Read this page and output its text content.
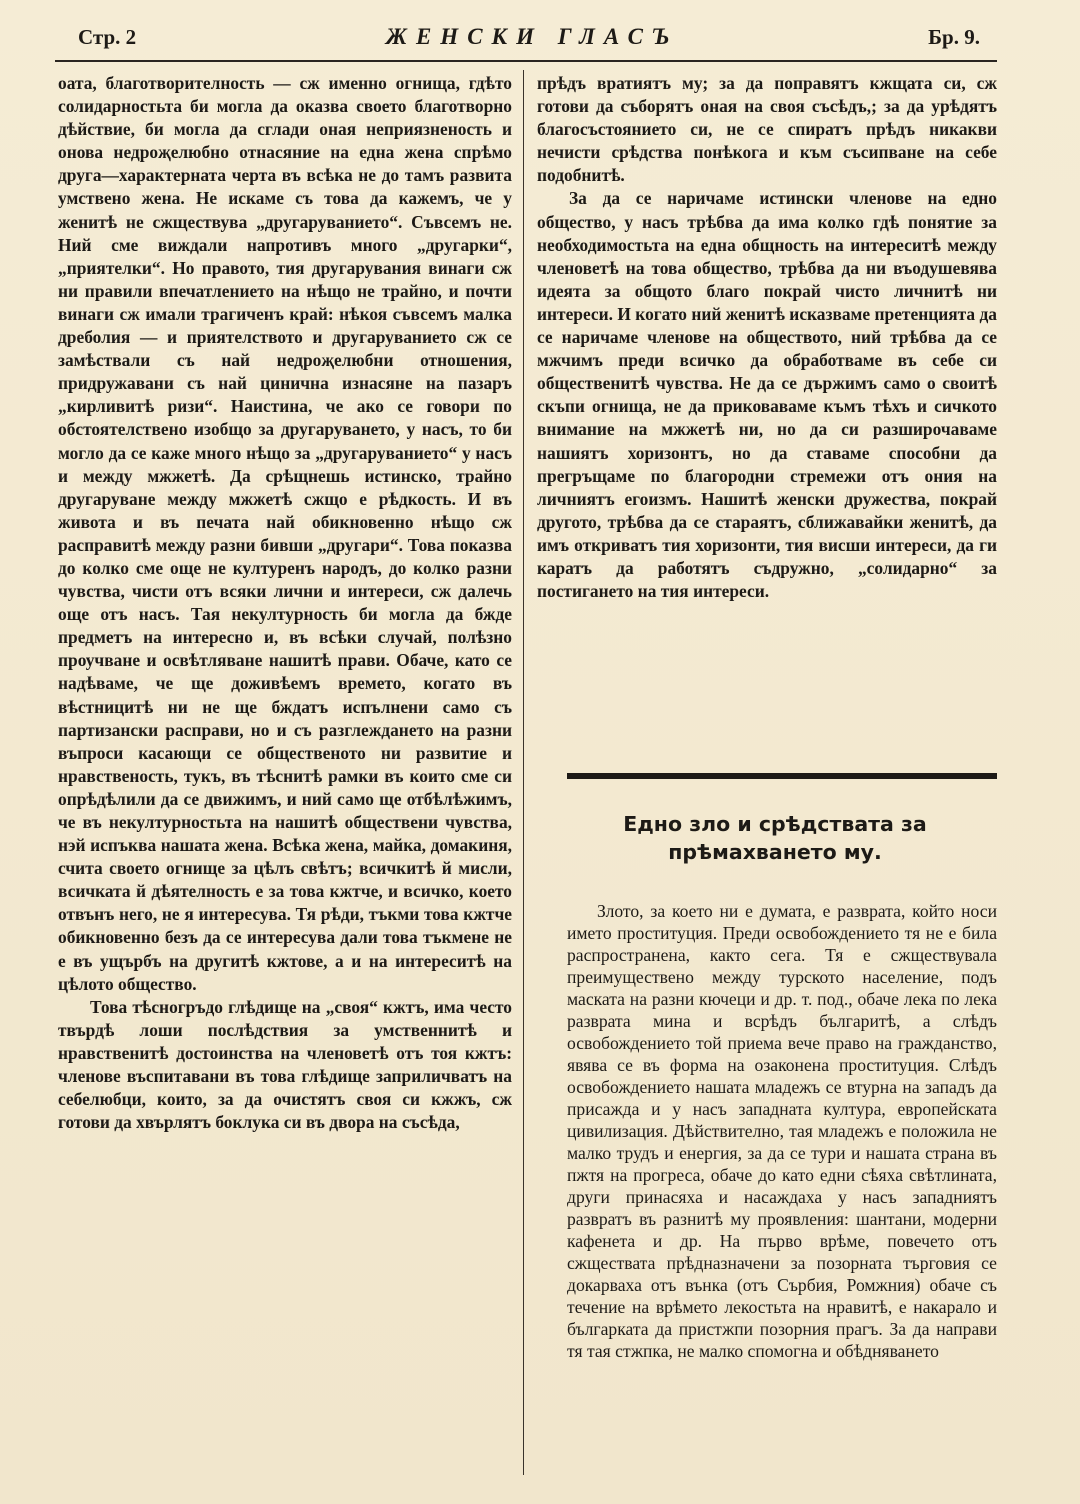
Стр. 2	ЖЕНСКИ ГЛАСЪ	Бр. 9.

оата, благотворителность — сж именно огнища, гдѣто солидарностьта би могла да оказва своето благотворно дѣйствие, би могла да сглади оная неприязненость и онова недроҗелюбно отнасяние на една жена спрѣмо друга—характерната черта въ всѣка не до тамъ развита умствено жена. Не искаме съ това да кажемъ, че у женитѣ не сжществува „другаруванието“. Съвсемъ не. Ний сме виждали напротивъ много „другарки“, „приятелки“. Но правото, тия другарувания винаги сж ни правили впечатлението на нѣщо не трайно, и почти винаги сж имали трагиченъ край: нѣкоя съвсемъ малка дреболия — и приятелството и другаруванието сж се замѣствали съ най недроҗелюбни отношения, придружавани съ най цинична изнасяне на пазаръ „кирливитѣ ризи“. Наистина, че ако се говори по обстоятелствено изобщо за другаруването, у насъ, то би могло да се каже много нѣщо за „другаруванието“ у насъ и между мжжетѣ. Да срѣщнешь истинско, трайно другаруване между мжжетѣ сжщо е рѣдкость. И въ живота и въ печата най обикновенно нѣщо сж расправитѣ между разни бивши „другари“. Това показва до колко сме още не културенъ народъ, до колко разни чувства, чисти отъ всяки лични и интереси, сж далечь още отъ насъ. Тая некултурность би могла да бжде предметъ на интересно и, въ всѣки случай, полѣзно проучване и освѣтляване нашитѣ прави. Обаче, като се надѣваме, че ще доживѣемъ времето, когато въ вѣстницитѣ ни не ще бждатъ испълнени само съ партизански расправи, но и съ разглеждането на разни въпроси касающи се общественото ни развитие и нравственость, тукъ, въ тѣснитѣ рамки въ които сме си опрѣдѣлили да се движимъ, и ний само ще отбѣлѣжимъ, че въ некултурностьта на нашитѣ обществени чувства, нэй испъква нашата жена. Всѣка жена, майка, домакиня, счита своето огнище за цѣлъ свѣтъ; всичкитѣ й мисли, всичката й дѣятелность е за това кжтче, и всичко, което отвънъ него, не я интересува. Тя рѣди, тъкми това кжтче обикновенно безъ да се интересува дали това тъкмене не е въ ущърбъ на другитѣ кжтове, а и на интереситѣ на цѣлото общество.

Това тѣсногръдо глѣдище на „своя“ кжтъ, има често твърдѣ лоши послѣдствия за умственнитѣ и нравственитѣ достоинства на членоветѣ отъ тоя кжтъ: членове въспитавани въ това глѣдище заприличватъ на себелюбци, които, за да очистятъ своя си кжжъ, сж готови да хвърлятъ боклука си въ двора на съсѣда,

прѣдъ вратиятъ му; за да поправятъ кжщата си, сж готови да съборятъ оная на своя съсѣдъ,; за да урѣдятъ благосъстоянието си, не се спиратъ прѣдъ никакви нечисти срѣдства понѣкога и към съсипване на себе подобнитѣ.

За да се наричаме истински членове на едно общество, у насъ трѣбва да има колко гдѣ понятие за необходимостьта на една общность на интереситѣ между членоветѣ на това общество, трѣбва да ни въодушевява идеята за общото благо покрай чисто личнитѣ ни интереси. И когато ний женитѣ исказваме претенцията да се наричаме членове на обществото, ний трѣбва да се мжчимъ преди всичко да обработваме въ себе си общественитѣ чувства. Не да се държимъ само о своитѣ скъпи огнища, не да приковаваме къмъ тѣхъ и сичкото внимание на мжжетѣ ни, но да си разширочаваме нашиятъ хоризонтъ, но да ставаме способни да прегръщаме по благородни стремежи отъ ония на личниятъ егоизмъ. Нашитѣ женски дружества, покрай другото, трѣбва да се стараятъ, сближавайки женитѣ, да имъ откриватъ тия хоризонти, тия висши интереси, да ги каратъ да работятъ съдружно, „солидарно“ за постигането на тия интереси.

Едно зло и срѣдствата за прѣмахването му.

Злото, за което ни е думата, е разврата, който носи името проституция. Преди освобождението тя не е била распространена, както сега. Тя е сжществувала преимуществено между турското население, подъ маската на разни кючеци и др. т. под., обаче лека по лека разврата мина и всрѣдъ българитѣ, а слѣдъ освобождението той приема вече право на гражданство, явява се въ форма на озаконена проституция. Слѣдъ освобождението нашата младежъ се втурна на западъ да присаждa и у насъ западната култура, европейската цивилизация. Дѣйствително, тая младежъ е положила не малко трудъ и енергия, за да се тури и нашата страна въ пжтя на прогреса, обаче до като едни сѣяха свѣтлината, други принасяха и насаждаха у насъ западниятъ развратъ въ разнитѣ му проявления: шантани, модерни кафенета и др. На първо врѣме, повечето отъ сжществата прѣдназначени за позорната търговия се докарваха отъ вънка (отъ Сърбия, Ромжния) обаче съ течение на врѣмето лекостьта на нравитѣ, е накарало и българката да пристжпи позорния прагъ. За да направи тя тая стжпка, не малко спомогна и обѣдняването
